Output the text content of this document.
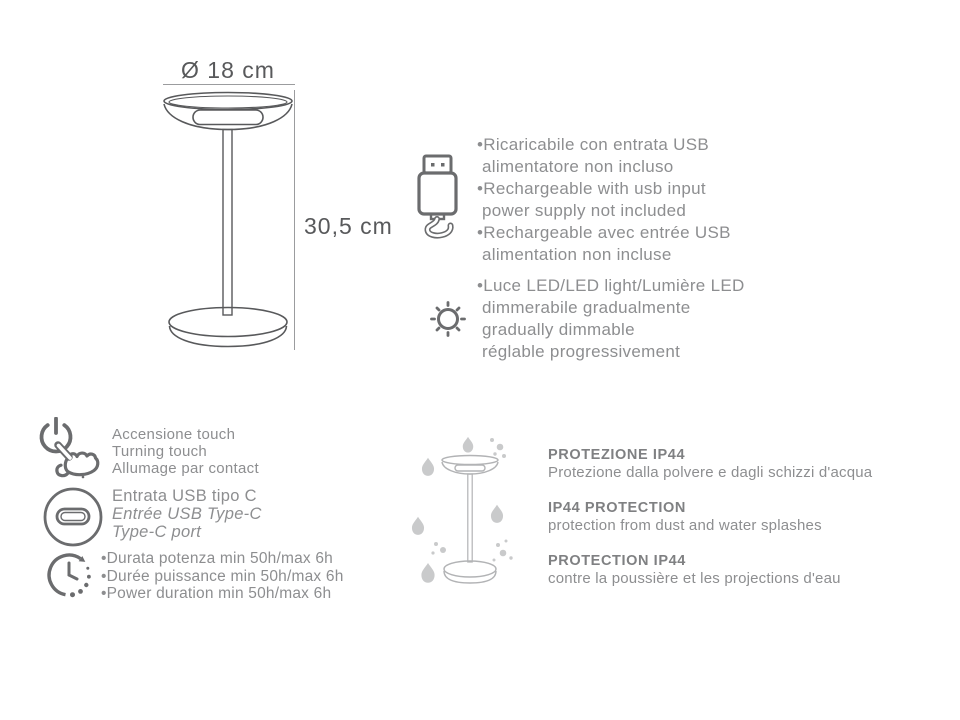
Ø 18 cm
30,5 cm
•Ricaricabile con entrata USB
alimentatore non incluso
•Rechargeable with usb input
power supply not included
•Rechargeable avec entrée USB
alimentation non incluse
•Luce LED/LED light/Lumière LED
dimmerabile gradualmente
gradually dimmable
réglable progressivement
Accensione touch
Turning touch
Allumage par contact
Entrata USB tipo C
Entrée USB Type-C
Type-C port
•Durata potenza min 50h/max 6h
•Durée puissance min 50h/max 6h
•Power duration min 50h/max 6h
PROTEZIONE IP44
Protezione dalla polvere e dagli schizzi d'acqua
IP44 PROTECTION
protection from dust and water splashes
PROTECTION IP44
contre la poussière et les projections d'eau
